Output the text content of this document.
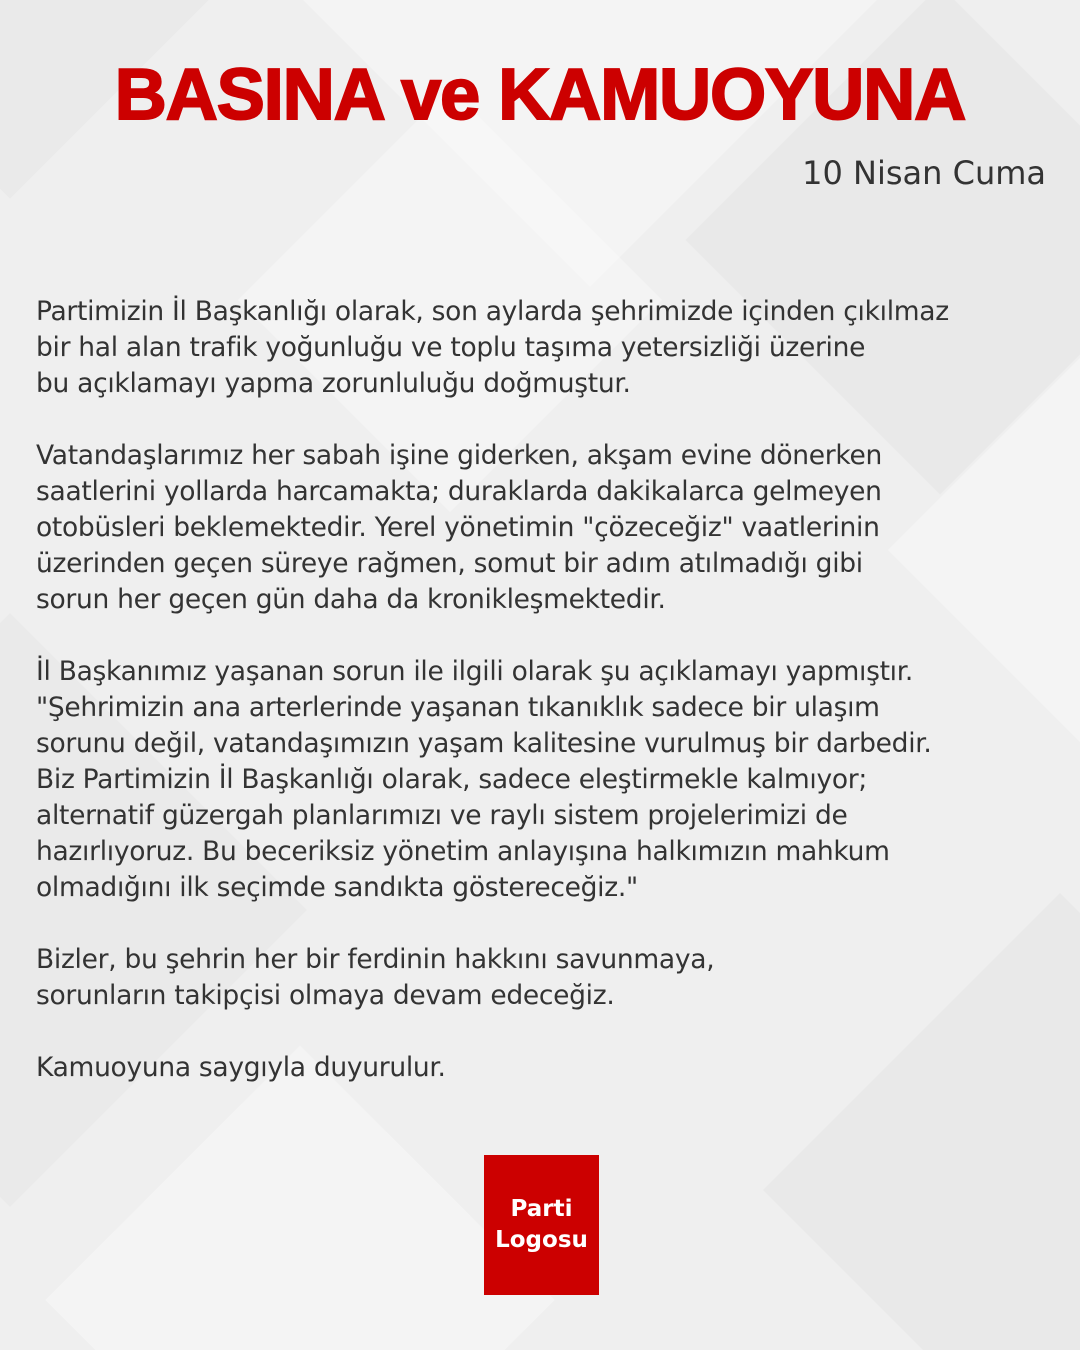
BASINA ve KAMUOYUNA
10 Nisan Cuma

Partimizin İl Başkanlığı olarak, son aylarda şehrimizde içinden çıkılmaz
bir hal alan trafik yoğunluğu ve toplu taşıma yetersizliği üzerine
bu açıklamayı yapma zorunluluğu doğmuştur.

Vatandaşlarımız her sabah işine giderken, akşam evine dönerken
saatlerini yollarda harcamakta; duraklarda dakikalarca gelmeyen
otobüsleri beklemektedir. Yerel yönetimin "çözeceğiz" vaatlerinin
üzerinden geçen süreye rağmen, somut bir adım atılmadığı gibi
sorun her geçen gün daha da kronikleşmektedir.

İl Başkanımız yaşanan sorun ile ilgili olarak şu açıklamayı yapmıştır.
"Şehrimizin ana arterlerinde yaşanan tıkanıklık sadece bir ulaşım
sorunu değil, vatandaşımızın yaşam kalitesine vurulmuş bir darbedir.
Biz Partimizin İl Başkanlığı olarak, sadece eleştirmekle kalmıyor;
alternatif güzergah planlarımızı ve raylı sistem projelerimizi de
hazırlıyoruz. Bu beceriksiz yönetim anlayışına halkımızın mahkum
olmadığını ilk seçimde sandıkta göstereceğiz."

Bizler, bu şehrin her bir ferdinin hakkını savunmaya,
sorunların takipçisi olmaya devam edeceğiz.

Kamuoyuna saygıyla duyurulur.

Parti
Logosu
